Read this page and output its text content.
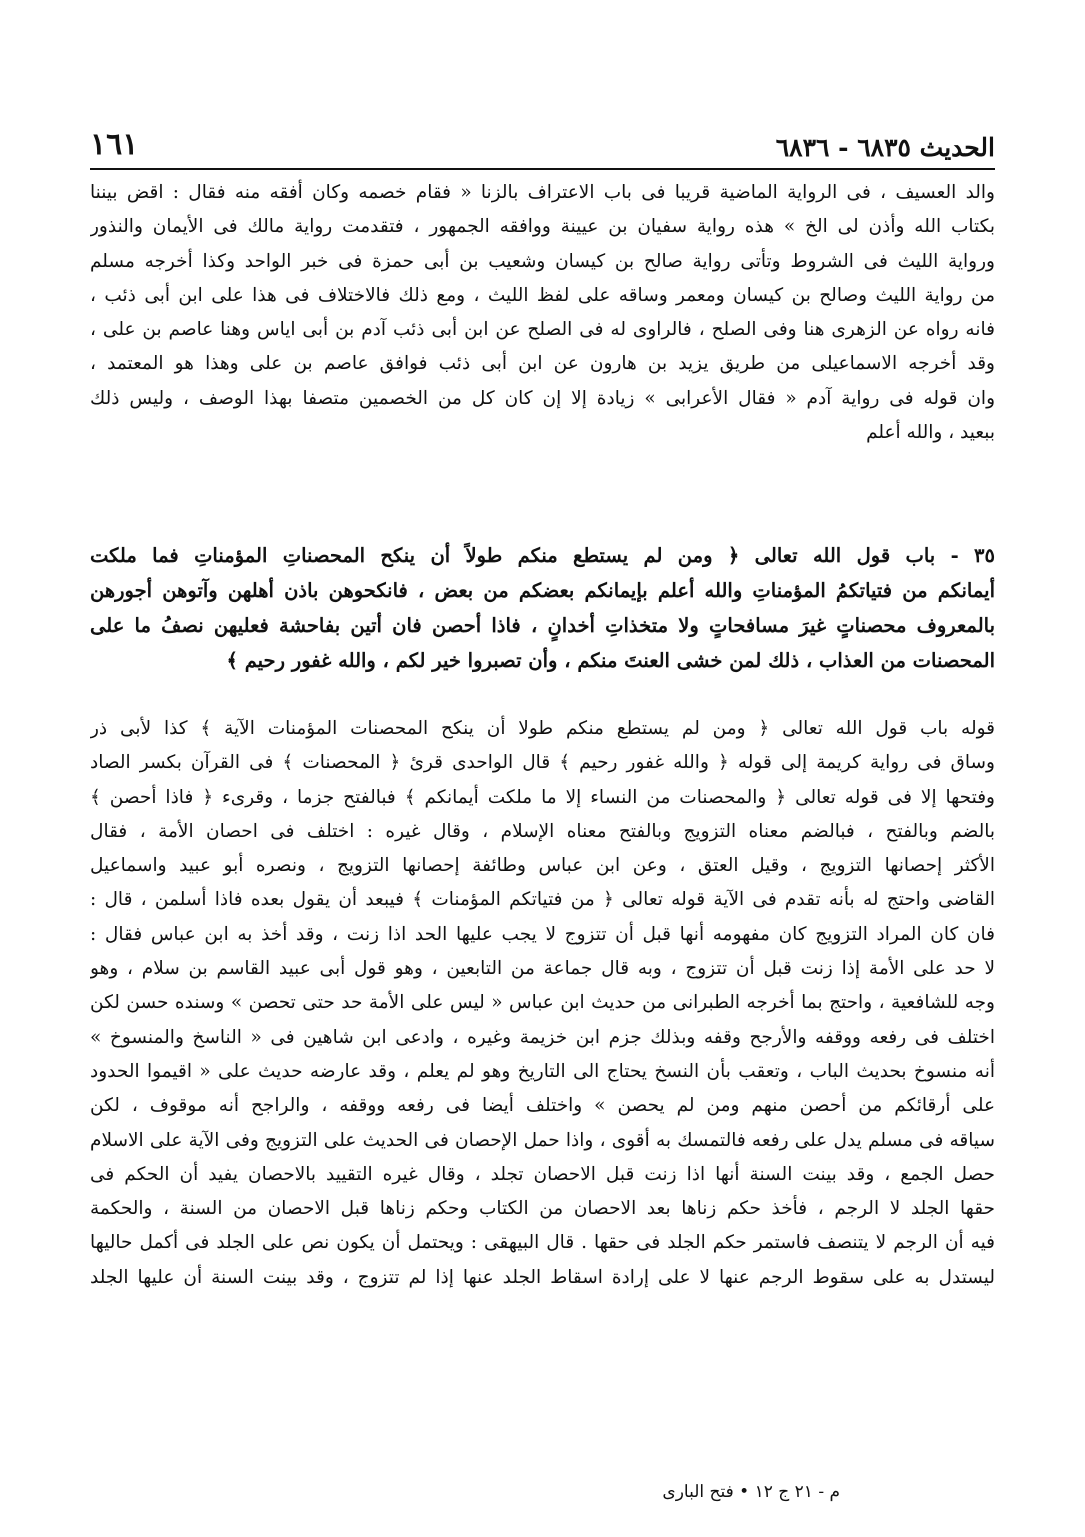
الحديث ٦٨٣٥ - ٦٨٣٦
١٦١
والد العسيف ، فى الرواية الماضية قريبا فى باب الاعتراف بالزنا « فقام خصمه وكان أفقه منه فقال : اقض بيننا
بكتاب الله وأذن لى الخ » هذه رواية سفيان بن عيينة ووافقه الجمهور ، فتقدمت رواية مالك فى الأيمان والنذور
ورواية الليث فى الشروط وتأتى رواية صالح بن كيسان وشعيب بن أبى حمزة فى خبر الواحد وكذا أخرجه مسلم
من رواية الليث وصالح بن كيسان ومعمر وساقه على لفظ الليث ، ومع ذلك فالاختلاف فى هذا على ابن أبى ذئب ،
فانه رواه عن الزهرى هنا وفى الصلح ، فالراوى له فى الصلح عن ابن أبى ذئب آدم بن أبى اياس وهنا عاصم بن على ،
وقد أخرجه الاسماعيلى من طريق يزيد بن هارون عن ابن أبى ذئب فوافق عاصم بن على وهذا هو المعتمد ،
وان قوله فى رواية آدم « فقال الأعرابى » زيادة إلا إن كان كل من الخصمين متصفا بهذا الوصف ، وليس ذلك
ببعيد ، والله أعلم
٣٥ - باب قول الله تعالى ﴿ ومن لم يستطع منكم طولاً أن ينكح المحصناتِ المؤمناتِ فما ملكت
أيمانكم من فتياتكمُ المؤمناتِ والله أعلم بإيمانكم بعضكم من بعض ، فانكحوهن باذن أهلهن وآتوهن أجورهن
بالمعروف محصناتٍ غيرَ مسافحاتٍ ولا متخذاتِ أخدانٍ ، فاذا أحصن فان أتين بفاحشة فعليهن نصفُ ما على
المحصنات من العذاب ، ذلك لمن خشى العنتَ منكم ، وأن تصبروا خير لكم ، والله غفور رحيم ﴾
قوله باب قول الله تعالى ﴿ ومن لم يستطع منكم طولا أن ينكح المحصنات المؤمنات الآية ﴾ كذا لأبى ذر
وساق فى رواية كريمة إلى قوله ﴿ والله غفور رحيم ﴾ قال الواحدى قرئ ﴿ المحصنات ﴾ فى القرآن بكسر الصاد
وفتحها إلا فى قوله تعالى ﴿ والمحصنات من النساء إلا ما ملكت أيمانكم ﴾ فبالفتح جزما ، وقرىء ﴿ فاذا أحصن ﴾
بالضم وبالفتح ، فبالضم معناه التزويج وبالفتح معناه الإسلام ، وقال غيره : اختلف فى احصان الأمة ، فقال
الأكثر إحصانها التزويج ، وقيل العتق ، وعن ابن عباس وطائفة إحصانها التزويج ، ونصره أبو عبيد واسماعيل
القاضى واحتج له بأنه تقدم فى الآية قوله تعالى ﴿ من فتياتكم المؤمنات ﴾ فيبعد أن يقول بعده فاذا أسلمن ، قال :
فان كان المراد التزويج كان مفهومه أنها قبل أن تتزوج لا يجب عليها الحد اذا زنت ، وقد أخذ به ابن عباس فقال :
لا حد على الأمة إذا زنت قبل أن تتزوج ، وبه قال جماعة من التابعين ، وهو قول أبى عبيد القاسم بن سلام ، وهو
وجه للشافعية ، واحتج بما أخرجه الطبرانى من حديث ابن عباس « ليس على الأمة حد حتى تحصن » وسنده حسن لكن
اختلف فى رفعه ووقفه والأرجح وقفه وبذلك جزم ابن خزيمة وغيره ، وادعى ابن شاهين فى « الناسخ والمنسوخ »
أنه منسوخ بحديث الباب ، وتعقب بأن النسخ يحتاج الى التاريخ وهو لم يعلم ، وقد عارضه حديث على « اقيموا الحدود
على أرقائكم من أحصن منهم ومن لم يحصن » واختلف أيضا فى رفعه ووقفه ، والراجح أنه موقوف ، لكن
سياقه فى مسلم يدل على رفعه فالتمسك به أقوى ، واذا حمل الإحصان فى الحديث على التزويج وفى الآية على الاسلام
حصل الجمع ، وقد بينت السنة أنها اذا زنت قبل الاحصان تجلد ، وقال غيره التقييد بالاحصان يفيد أن الحكم فى
حقها الجلد لا الرجم ، فأخذ حكم زناها بعد الاحصان من الكتاب وحكم زناها قبل الاحصان من السنة ، والحكمة
فيه أن الرجم لا يتنصف فاستمر حكم الجلد فى حقها . قال البيهقى : ويحتمل أن يكون نص على الجلد فى أكمل حاليها
ليستدل به على سقوط الرجم عنها لا على إرادة اسقاط الجلد عنها إذا لم تتزوج ، وقد بينت السنة أن عليها الجلد
م - ٢١ ج ١٢ • فتح البارى
